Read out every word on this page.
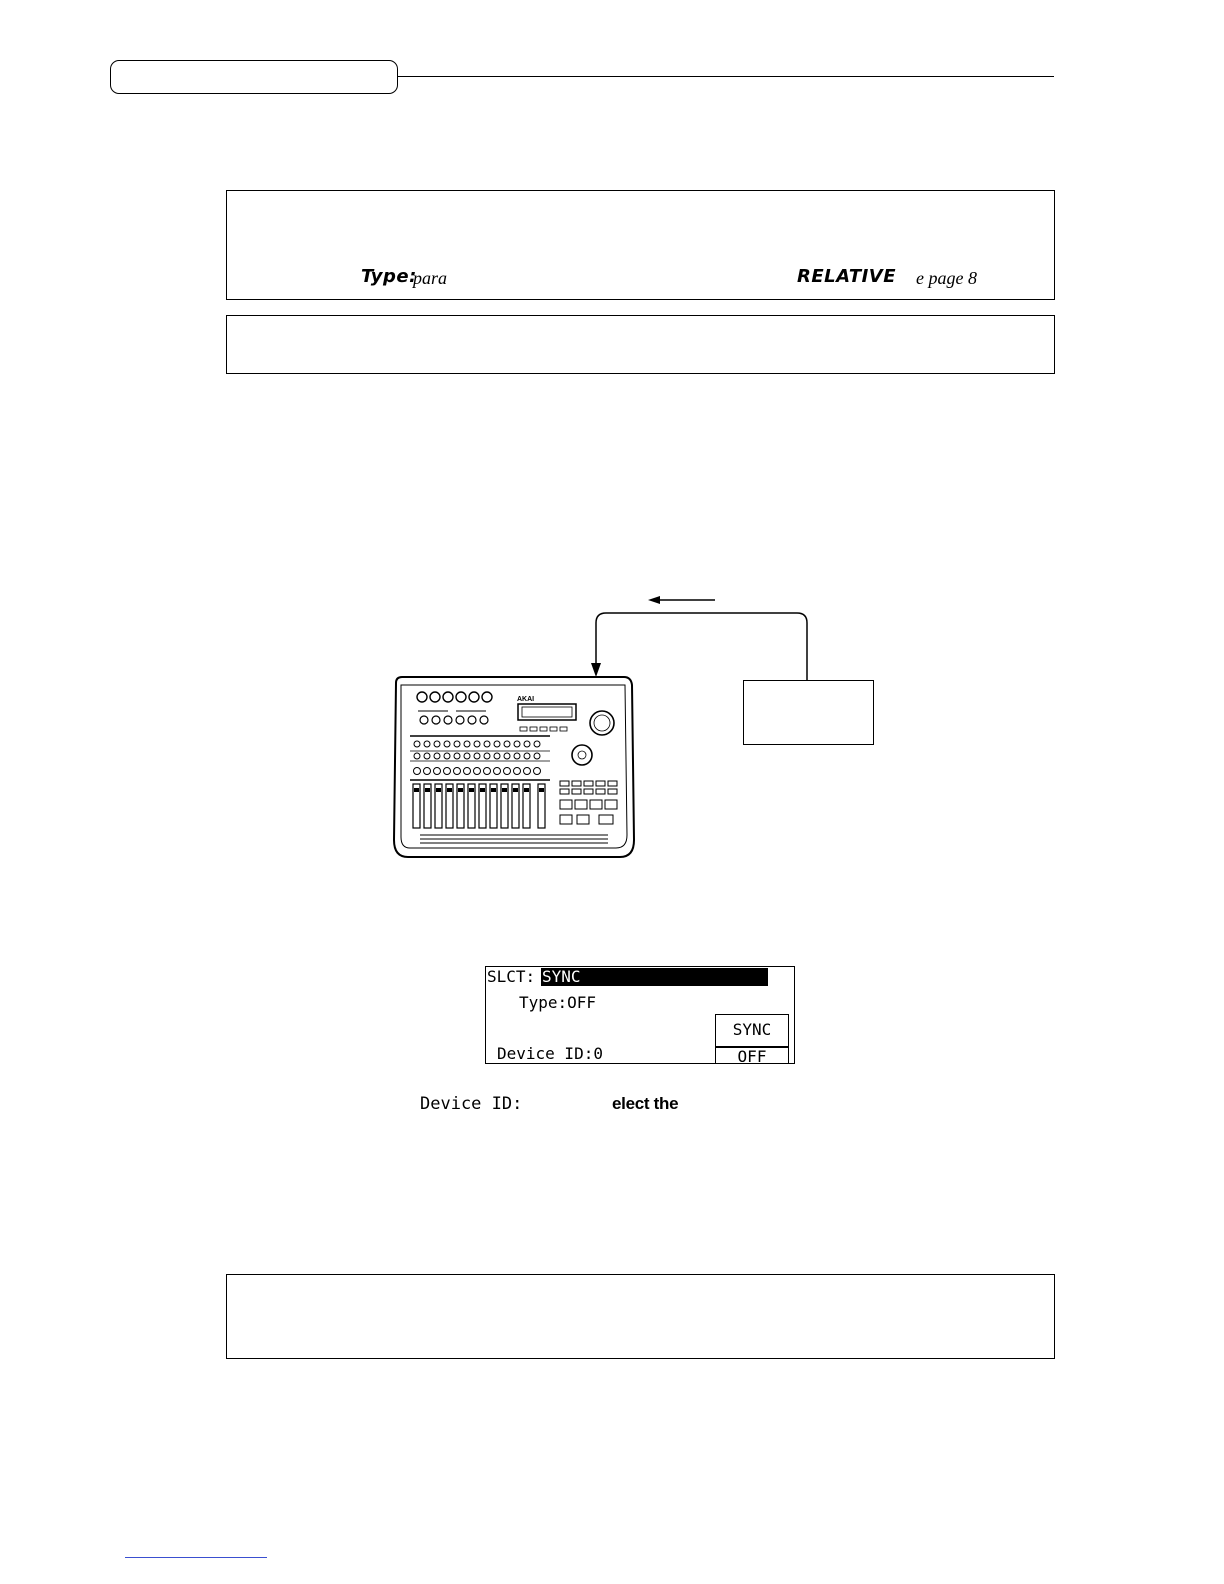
Type:
para	RELATIVE e page 8
AKAI
SLCT: SYNC
Type:OFF
Device ID:0
SYNC
OFF
Device ID:	elect the
